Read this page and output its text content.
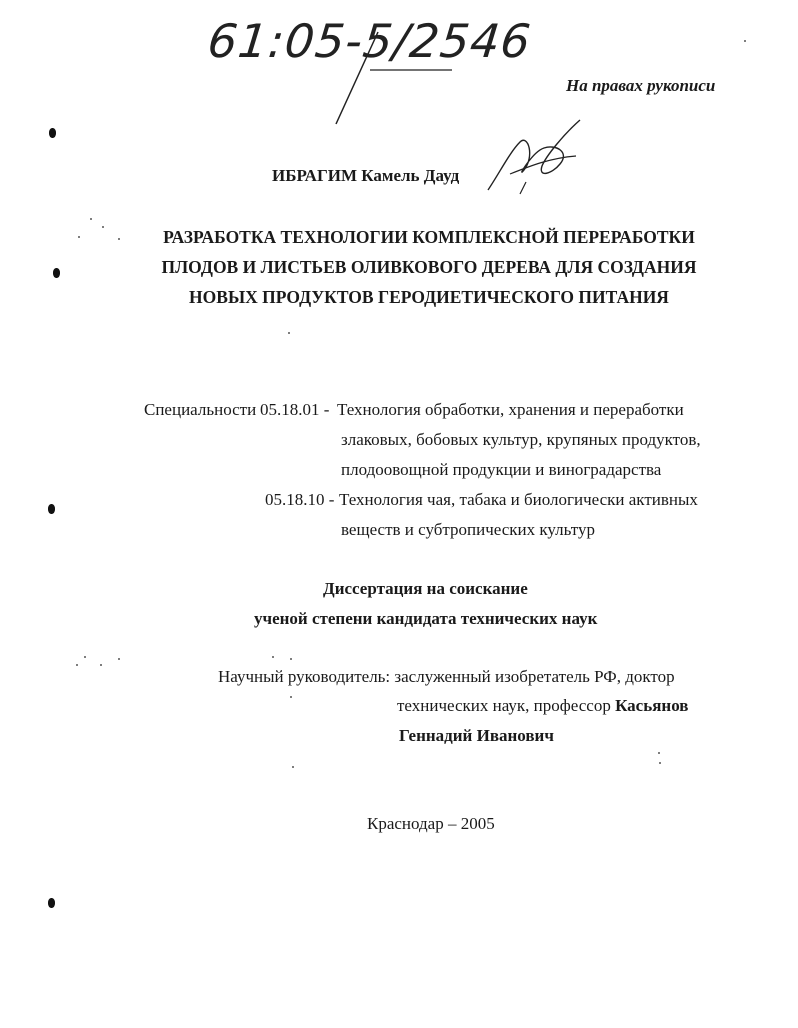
61:05-5/2546
На правах рукописи
ИБРАГИМ Камель Дауд
РАЗРАБОТКА ТЕХНОЛОГИИ КОМПЛЕКСНОЙ ПЕРЕРАБОТКИ
ПЛОДОВ И ЛИСТЬЕВ ОЛИВКОВОГО ДЕРЕВА ДЛЯ СОЗДАНИЯ
НОВЫХ ПРОДУКТОВ ГЕРОДИЕТИЧЕСКОГО ПИТАНИЯ
Специальности 05.18.01 - Технология обработки, хранения и переработки
злаковых, бобовых культур, крупяных продуктов,
плодоовощной продукции и виноградарства
05.18.10 - Технология чая, табака и биологически активных
веществ и субтропических культур
Диссертация на соискание
ученой степени кандидата технических наук
Научный руководитель: заслуженный изобретатель РФ, доктор
технических наук, профессор Касьянов
Геннадий Иванович
Краснодар – 2005
